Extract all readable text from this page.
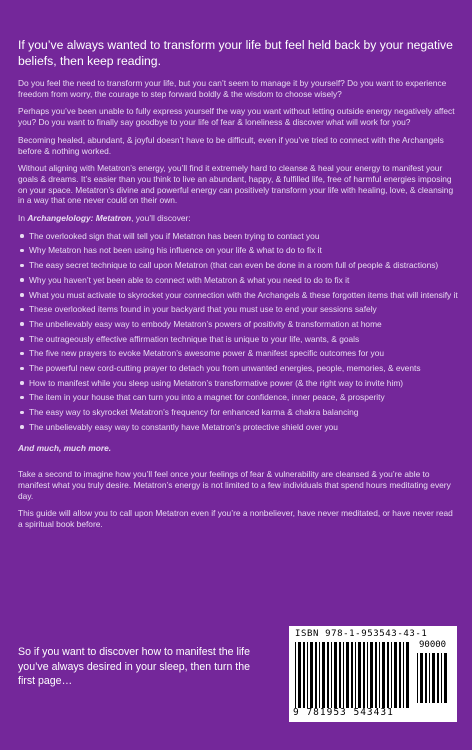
If you’ve always wanted to transform your life but feel held back by your negative beliefs, then keep reading.

Do you feel the need to transform your life, but you can’t seem to manage it by yourself? Do you want to experience freedom from worry, the courage to step forward boldly & the wisdom to choose wisely?

Perhaps you’ve been unable to fully express yourself the way you want without letting outside energy negatively affect you? Do you want to finally say goodbye to your life of fear & loneliness & discover what will work for you?

Becoming healed, abundant, & joyful doesn’t have to be difficult, even if you’ve tried to connect with the Archangels before & nothing worked.

Without aligning with Metatron’s energy, you’ll find it extremely hard to cleanse & heal your energy to manifest your goals & dreams. It’s easier than you think to live an abundant, happy, & fulfilled life, free of harmful energies imposing on your space. Metatron’s divine and powerful energy can positively transform your life with healing, love, & cleansing in a way that one never could on their own.

In Archangelology: Metatron, you’ll discover:

The overlooked sign that will tell you if Metatron has been trying to contact you
Why Metatron has not been using his influence on your life & what to do to fix it
The easy secret technique to call upon Metatron (that can even be done in a room full of people & distractions)
Why you haven’t yet been able to connect with Metatron & what you need to do to fix it
What you must activate to skyrocket your connection with the Archangels & these forgotten items that will intensify it
These overlooked items found in your backyard that you must use to end your sessions safely
The unbelievably easy way to embody Metatron’s powers of positivity & transformation at home
The outrageously effective affirmation technique that is unique to your life, wants, & goals
The five new prayers to evoke Metatron’s awesome power & manifest specific outcomes for you
The powerful new cord-cutting prayer to detach you from unwanted energies, people, memories, & events
How to manifest while you sleep using Metatron’s transformative power (& the right way to invite him)
The item in your house that can turn you into a magnet for confidence, inner peace, & prosperity
The easy way to skyrocket Metatron’s frequency for enhanced karma & chakra balancing
The unbelievably easy way to constantly have Metatron’s protective shield over you

And much, much more.

Take a second to imagine how you’ll feel once your feelings of fear & vulnerability are cleansed & you’re able to manifest what you truly desire. Metatron’s energy is not limited to a few individuals that spend hours meditating every day.

This guide will allow you to call upon Metatron even if you’re a nonbeliever, have never meditated, or have never read a spiritual book before.

So if you want to discover how to manifest the life you’ve always desired in your sleep, then turn the first page…
ISBN 978-1-953543-43-1
90000
9 781953 543431
